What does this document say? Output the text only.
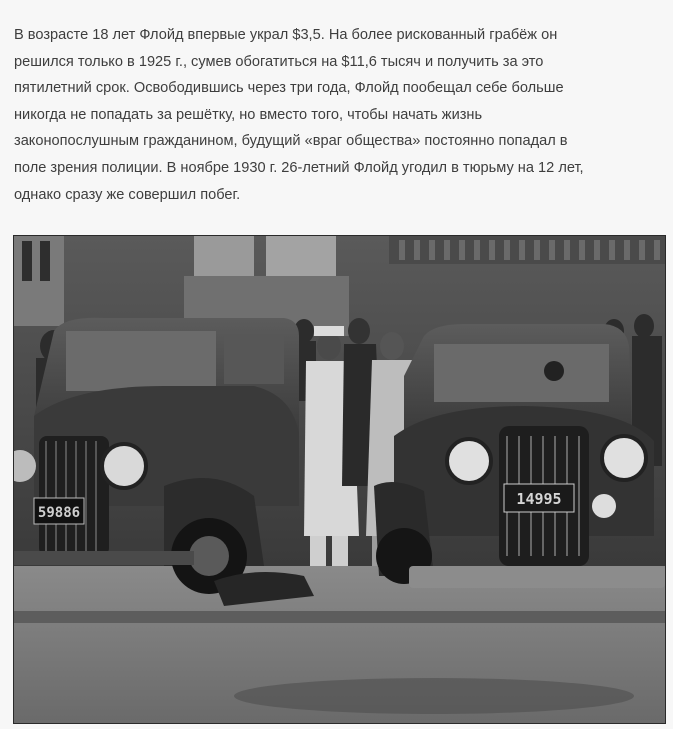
В возрасте 18 лет Флойд впервые украл $3,5. На более рискованный грабёж он
решился только в 1925 г., сумев обогатиться на $11,6 тысяч и получить за это
пятилетний срок. Освободившись через три года, Флойд пообещал себе больше
никогда не попадать за решётку, но вместо того, чтобы начать жизнь
законопослушным гражданином, будущий «враг общества» постоянно попадал в
поле зрения полиции. В ноябре 1930 г. 26-летний Флойд угодил в тюрьму на 12 лет,
однако сразу же совершил побег.
59886
14995
